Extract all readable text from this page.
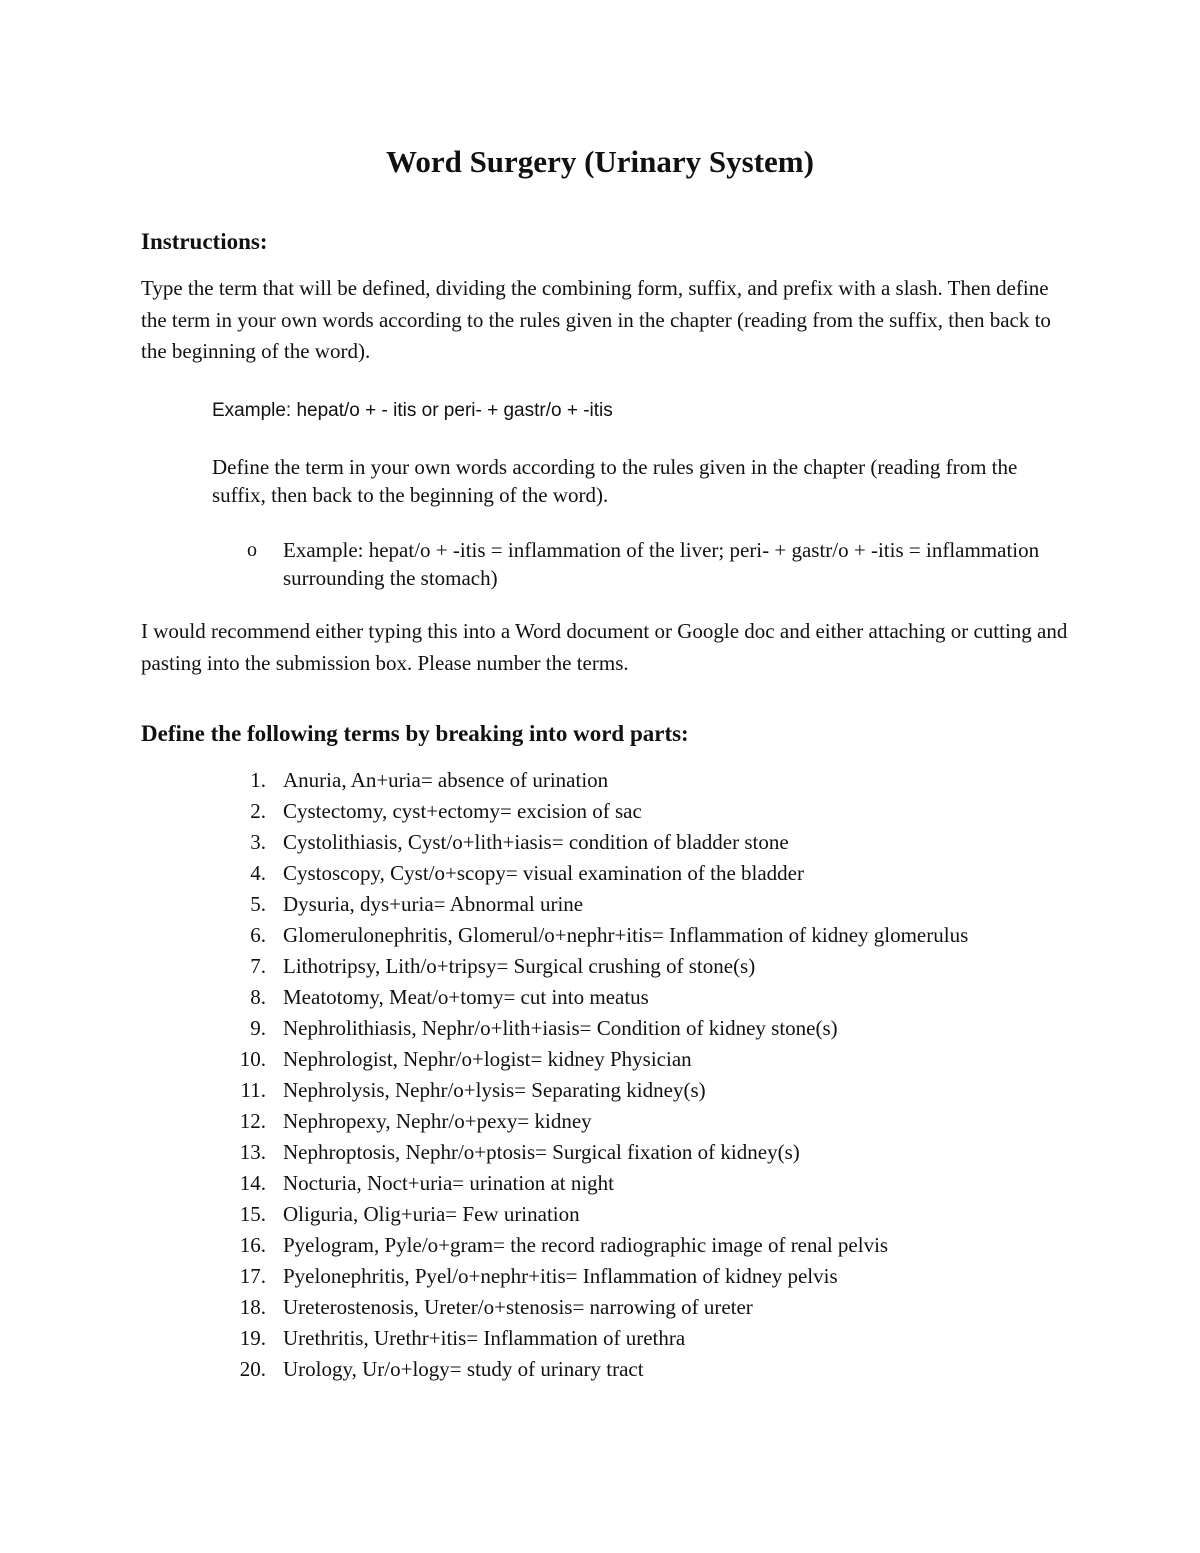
Word Surgery (Urinary System)
Instructions:
Type the term that will be defined, dividing the combining form, suffix, and prefix with a slash. Then define the term in your own words according to the rules given in the chapter (reading from the suffix, then back to the beginning of the word).
Example: hepat/o + - itis or peri- + gastr/o + -itis
Define the term in your own words according to the rules given in the chapter (reading from the suffix, then back to the beginning of the word).
o Example: hepat/o + -itis = inflammation of the liver; peri- + gastr/o + -itis = inflammation surrounding the stomach)
I would recommend either typing this into a Word document or Google doc and either attaching or cutting and pasting into the submission box. Please number the terms.
Define the following terms by breaking into word parts:
1. Anuria, An+uria= absence of urination
2. Cystectomy, cyst+ectomy= excision of sac
3. Cystolithiasis, Cyst/o+lith+iasis= condition of bladder stone
4. Cystoscopy, Cyst/o+scopy= visual examination of the bladder
5. Dysuria, dys+uria= Abnormal urine
6. Glomerulonephritis, Glomerul/o+nephr+itis= Inflammation of kidney glomerulus
7. Lithotripsy, Lith/o+tripsy= Surgical crushing of stone(s)
8. Meatotomy, Meat/o+tomy= cut into meatus
9. Nephrolithiasis, Nephr/o+lith+iasis= Condition of kidney stone(s)
10. Nephrologist, Nephr/o+logist= kidney Physician
11. Nephrolysis, Nephr/o+lysis= Separating kidney(s)
12. Nephropexy, Nephr/o+pexy= kidney
13. Nephroptosis, Nephr/o+ptosis= Surgical fixation of kidney(s)
14. Nocturia, Noct+uria= urination at night
15. Oliguria, Olig+uria= Few urination
16. Pyelogram, Pyle/o+gram= the record radiographic image of renal pelvis
17. Pyelonephritis, Pyel/o+nephr+itis= Inflammation of kidney pelvis
18. Ureterostenosis, Ureter/o+stenosis= narrowing of ureter
19. Urethritis, Urethr+itis= Inflammation of urethra
20. Urology, Ur/o+logy= study of urinary tract
